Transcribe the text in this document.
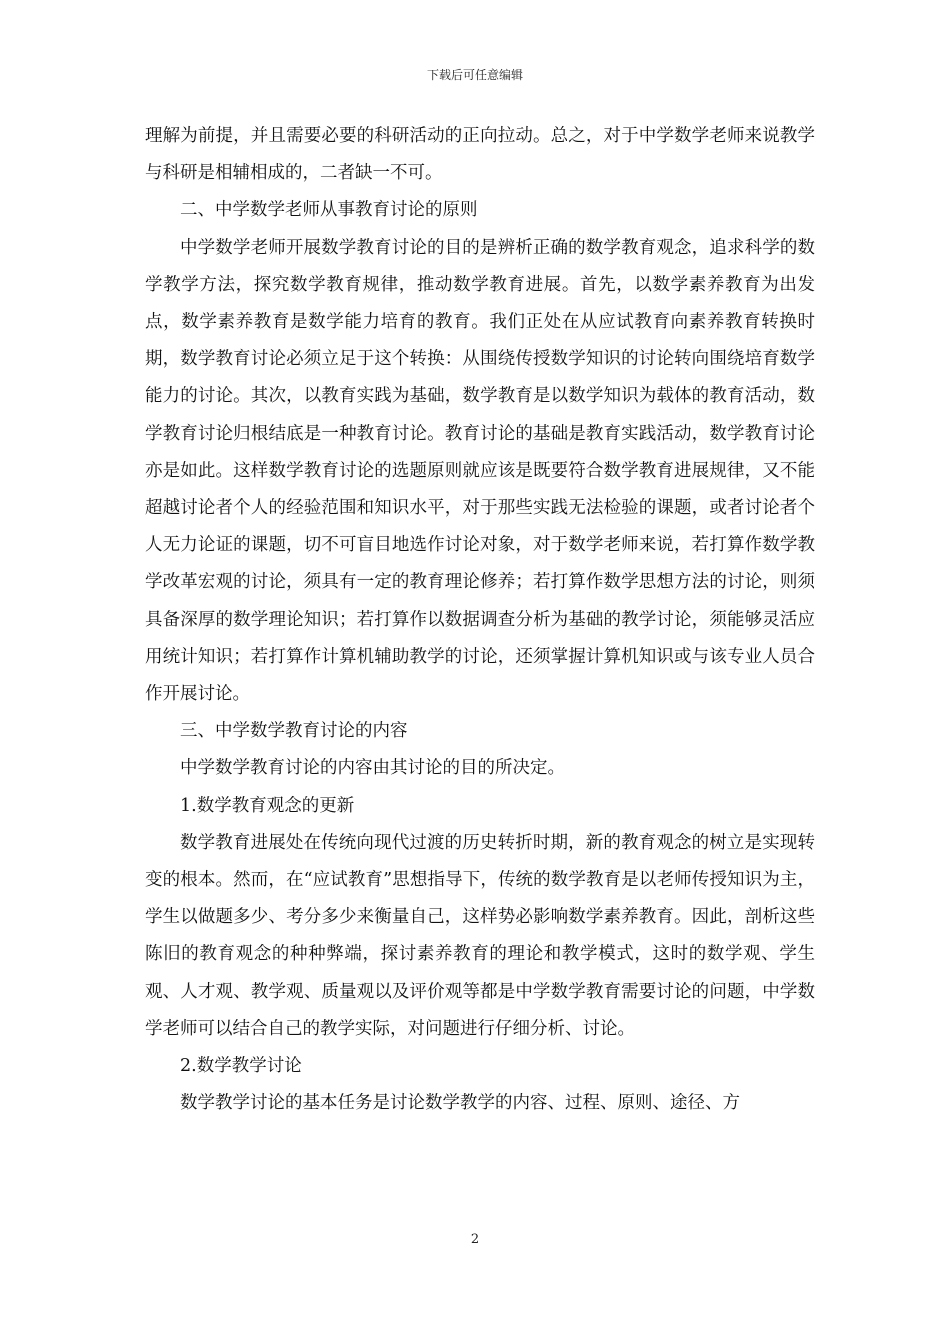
下载后可任意编辑

理解为前提，并且需要必要的科研活动的正向拉动。总之，对于中学数学老师来说教学与科研是相辅相成的，二者缺一不可。

二、中学数学老师从事教育讨论的原则

中学数学老师开展数学教育讨论的目的是辨析正确的数学教育观念，追求科学的数学教学方法，探究数学教育规律，推动数学教育进展。首先，以数学素养教育为出发点，数学素养教育是数学能力培育的教育。我们正处在从应试教育向素养教育转换时期，数学教育讨论必须立足于这个转换：从围绕传授数学知识的讨论转向围绕培育数学能力的讨论。其次，以教育实践为基础，数学教育是以数学知识为载体的教育活动，数学教育讨论归根结底是一种教育讨论。教育讨论的基础是教育实践活动，数学教育讨论亦是如此。这样数学教育讨论的选题原则就应该是既要符合数学教育进展规律，又不能超越讨论者个人的经验范围和知识水平，对于那些实践无法检验的课题，或者讨论者个人无力论证的课题，切不可盲目地选作讨论对象，对于数学老师来说，若打算作数学教学改革宏观的讨论，须具有一定的教育理论修养；若打算作数学思想方法的讨论，则须具备深厚的数学理论知识；若打算作以数据调查分析为基础的教学讨论，须能够灵活应用统计知识；若打算作计算机辅助教学的讨论，还须掌握计算机知识或与该专业人员合作开展讨论。

三、中学数学教育讨论的内容

中学数学教育讨论的内容由其讨论的目的所决定。

1.数学教育观念的更新

数学教育进展处在传统向现代过渡的历史转折时期，新的教育观念的树立是实现转变的根本。然而，在“应试教育”思想指导下，传统的数学教育是以老师传授知识为主，学生以做题多少、考分多少来衡量自己，这样势必影响数学素养教育。因此，剖析这些陈旧的教育观念的种种弊端，探讨素养教育的理论和教学模式，这时的数学观、学生观、人才观、教学观、质量观以及评价观等都是中学数学教育需要讨论的问题，中学数学老师可以结合自己的教学实际，对问题进行仔细分析、讨论。

2.数学教学讨论

数学教学讨论的基本任务是讨论数学教学的内容、过程、原则、途径、方

2
